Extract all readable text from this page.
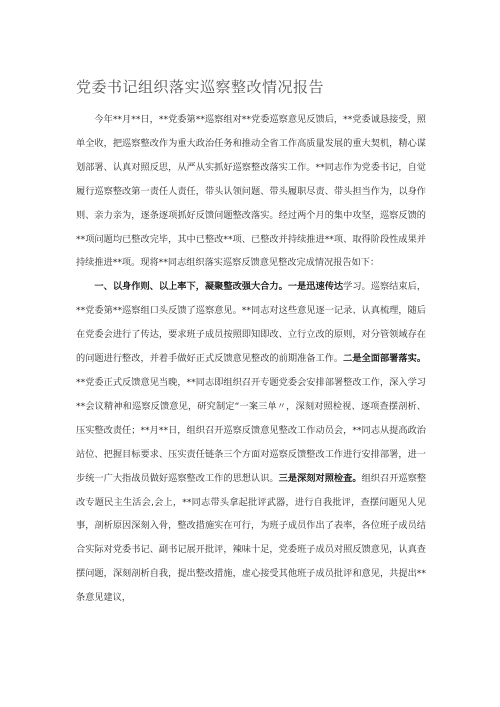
党委书记组织落实巡察整改情况报告

今年**月**日，**党委第**巡察组对**党委巡察意见反馈后，**党委诚恳接受，照单全收，把巡察整改作为重大政治任务和推动全省工作高质量发展的重大契机，精心谋划部署、认真对照反思，从严从实抓好巡察整改落实工作。**同志作为党委书记，自觉履行巡察整改第一责任人责任，带头认领问题、带头履职尽责、带头担当作为，以身作则、亲力亲为，逐条逐项抓好反馈问题整改落实。经过两个月的集中攻坚，巡察反馈的**项问题均已整改完毕，其中已整改**项、已整改并持续推进**项、取得阶段性成果并持续推进**项。现将**同志组织落实巡察反馈意见整改完成情况报告如下：

一、以身作则、以上率下，凝聚整改强大合力。一是迅速传达学习。巡察结束后，**党委第**巡察组口头反馈了巡察意见。**同志对这些意见逐一记录、认真梳理，随后在党委会进行了传达，要求班子成员按照即知即改、立行立改的原则，对分管领域存在的问题进行整改，并着手做好正式反馈意见整改的前期准备工作。二是全面部署落实。**党委正式反馈意见当晚，**同志即组织召开专题党委会安排部署整改工作，深入学习**会议精神和巡察反馈意见，研究制定“一案三单〃，深刻对照检视、逐项查摆剖析、压实整改责任；**月**日，组织召开巡察反馈意见整改工作动员会，**同志从提高政治站位、把握目标要求、压实责任链条三个方面对巡察反馈整改工作进行安排部署，进一步统一广大指战员做好巡察整改工作的思想认识。三是深刻对照检查。组织召开巡察整改专题民主生活会,会上，**同志带头拿起批评武器，进行自我批评，查摆问题见人见事，剖析原因深刻入骨，整改措施实在可行，为班子成员作出了表率，各位班子成员结合实际对党委书记、副书记展开批评，辣味十足，党委班子成员对照反馈意见，认真查摆问题，深刻剖析自我，提出整改措施，虚心接受其他班子成员批评和意见，共提出**条意见建议，
